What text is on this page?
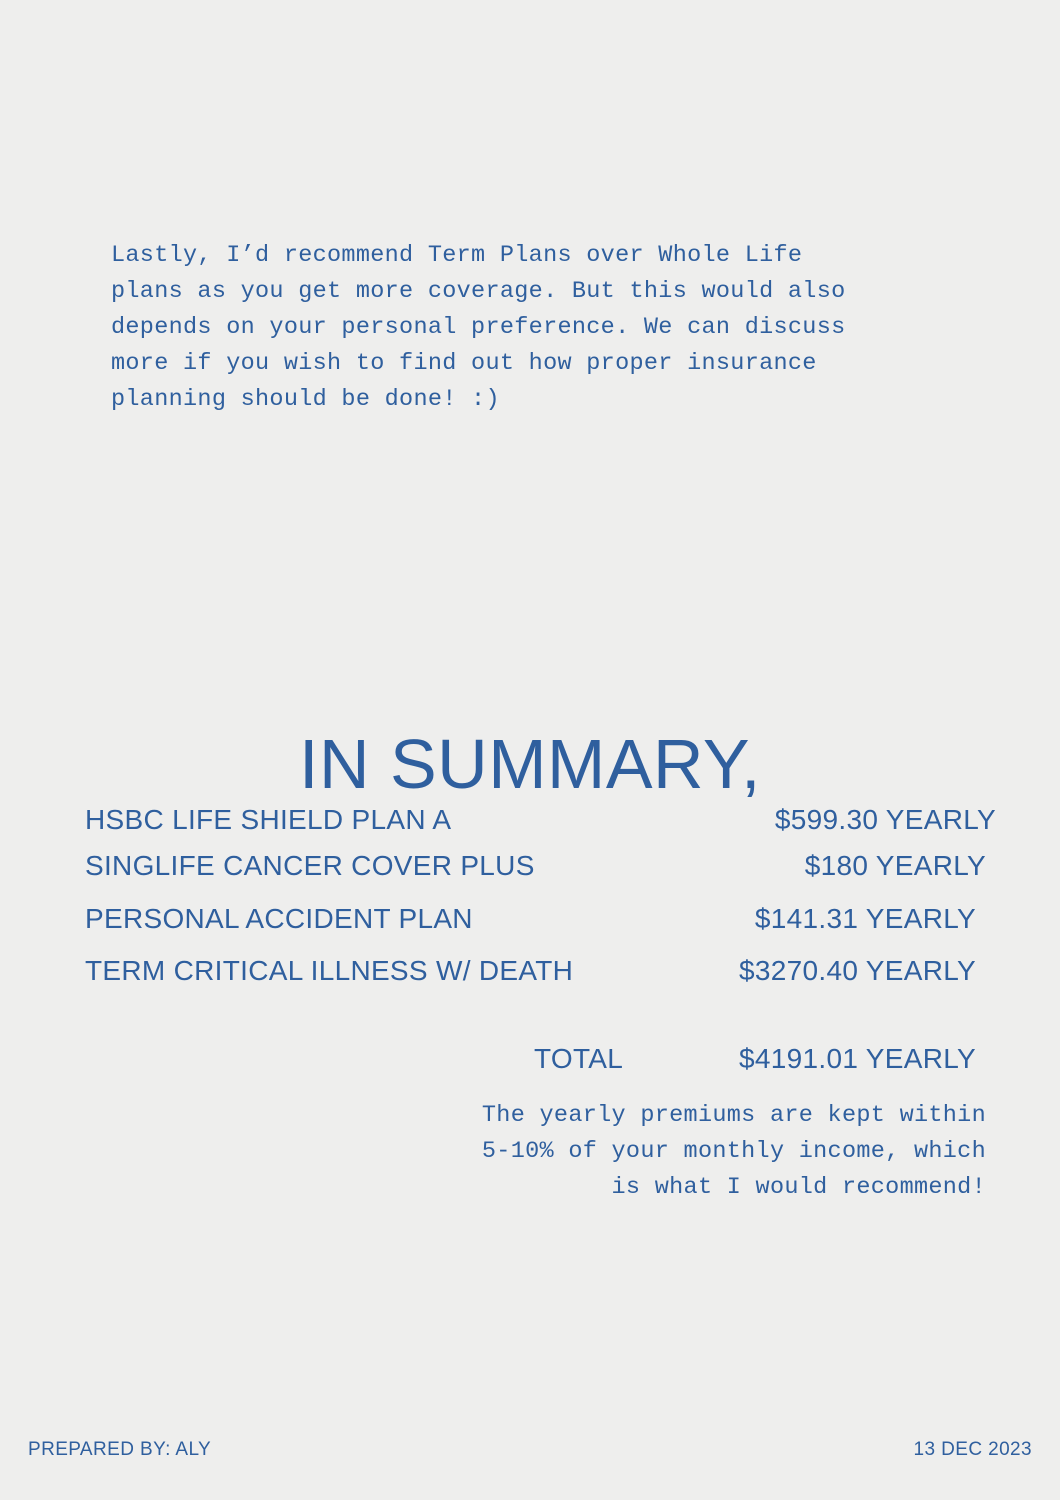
Lastly, I’d recommend Term Plans over Whole Life
plans as you get more coverage. But this would also
depends on your personal preference. We can discuss
more if you wish to find out how proper insurance
planning should be done! :)
IN SUMMARY,
HSBC LIFE SHIELD PLAN A	$599.30 YEARLY
SINGLIFE CANCER COVER PLUS	$180 YEARLY
PERSONAL ACCIDENT PLAN	$141.31 YEARLY
TERM CRITICAL ILLNESS W/ DEATH	$3270.40 YEARLY
TOTAL	$4191.01 YEARLY
The yearly premiums are kept within
5-10% of your monthly income, which
is what I would recommend!
PREPARED BY: ALY	13 DEC 2023
